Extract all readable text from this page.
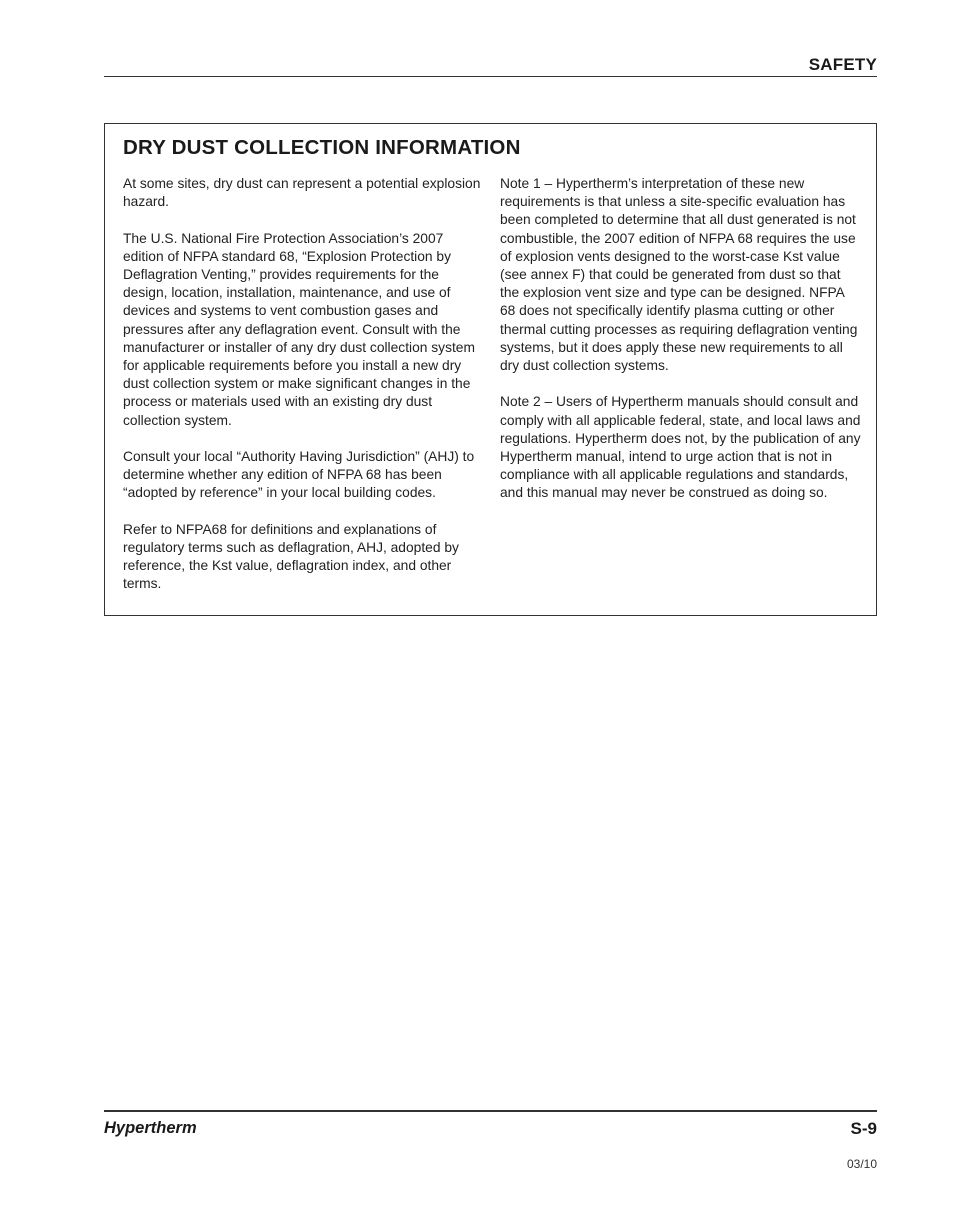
SAFETY
DRY DUST COLLECTION INFORMATION

At some sites, dry dust can represent a potential explosion hazard.

The U.S. National Fire Protection Association’s 2007 edition of NFPA standard 68, “Explosion Protection by Deflagration Venting,” provides requirements for the design, location, installation, maintenance, and use of devices and systems to vent combustion gases and pressures after any deflagration event. Consult with the manufacturer or installer of any dry dust collection system for applicable requirements before you install a new dry dust collection system or make significant changes in the process or materials used with an existing dry dust collection system.

Consult your local “Authority Having Jurisdiction” (AHJ) to determine whether any edition of NFPA 68 has been “adopted by reference” in your local building codes.

Refer to NFPA68 for definitions and explanations of regulatory terms such as deflagration, AHJ, adopted by reference, the Kst value, deflagration index, and other terms.

Note 1 – Hypertherm’s interpretation of these new requirements is that unless a site-specific evaluation has been completed to determine that all dust generated is not combustible, the 2007 edition of NFPA 68 requires the use of explosion vents designed to the worst-case Kst value (see annex F) that could be generated from dust so that the explosion vent size and type can be designed. NFPA 68 does not specifically identify plasma cutting or other thermal cutting processes as requiring deflagration venting systems, but it does apply these new requirements to all dry dust collection systems.

Note 2 – Users of Hypertherm manuals should consult and comply with all applicable federal, state, and local laws and regulations. Hypertherm does not, by the publication of any Hypertherm manual, intend to urge action that is not in compliance with all applicable regulations and standards, and this manual may never be construed as doing so.

Hypertherm	S-9
03/10
